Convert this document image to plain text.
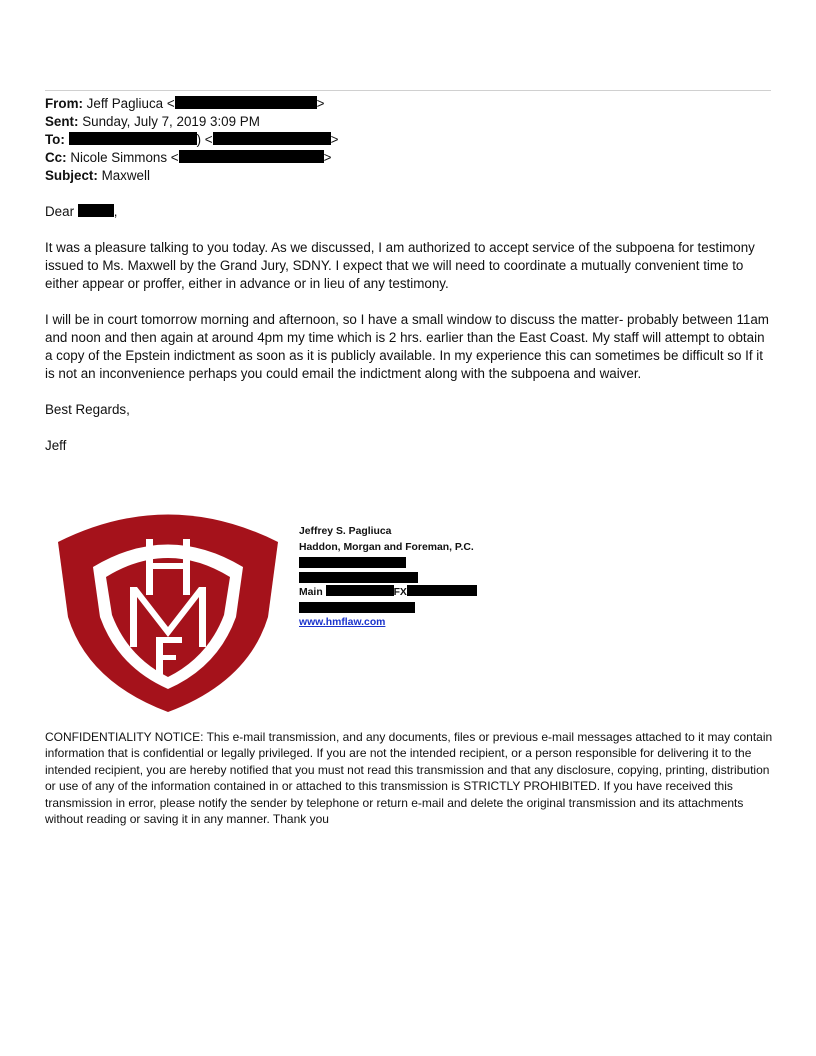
From: Jeff Pagliuca <	>
Sent: Sunday, July 7, 2019 3:09 PM
To:	) <	>
Cc: Nicole Simmons <	>
Subject: Maxwell
Dear	,
It was a pleasure talking to you today. As we discussed, I am authorized to accept service of the subpoena for testimony issued to Ms. Maxwell by the Grand Jury, SDNY. I expect that we will need to coordinate a mutually convenient time to either appear or proffer, either in advance or in lieu of any testimony.
I will be in court tomorrow morning and afternoon, so I have a small window to discuss the matter- probably between 11am and noon and then again at around 4pm my time which is 2 hrs. earlier than the East Coast. My staff will attempt to obtain a copy of the Epstein indictment as soon as it is publicly available. In my experience this can sometimes be difficult so If it is not an inconvenience perhaps you could email the indictment along with the subpoena and waiver.
Best Regards,
Jeff
Jeffrey S. Pagliuca
Haddon, Morgan and Foreman, P.C.
Main	FX
www.hmflaw.com
CONFIDENTIALITY NOTICE: This e-mail transmission, and any documents, files or previous e-mail messages attached to it may contain information that is confidential or legally privileged. If you are not the intended recipient, or a person responsible for delivering it to the intended recipient, you are hereby notified that you must not read this transmission and that any disclosure, copying, printing, distribution or use of any of the information contained in or attached to this transmission is STRICTLY PROHIBITED. If you have received this transmission in error, please notify the sender by telephone or return e-mail and delete the original transmission and its attachments without reading or saving it in any manner. Thank you
